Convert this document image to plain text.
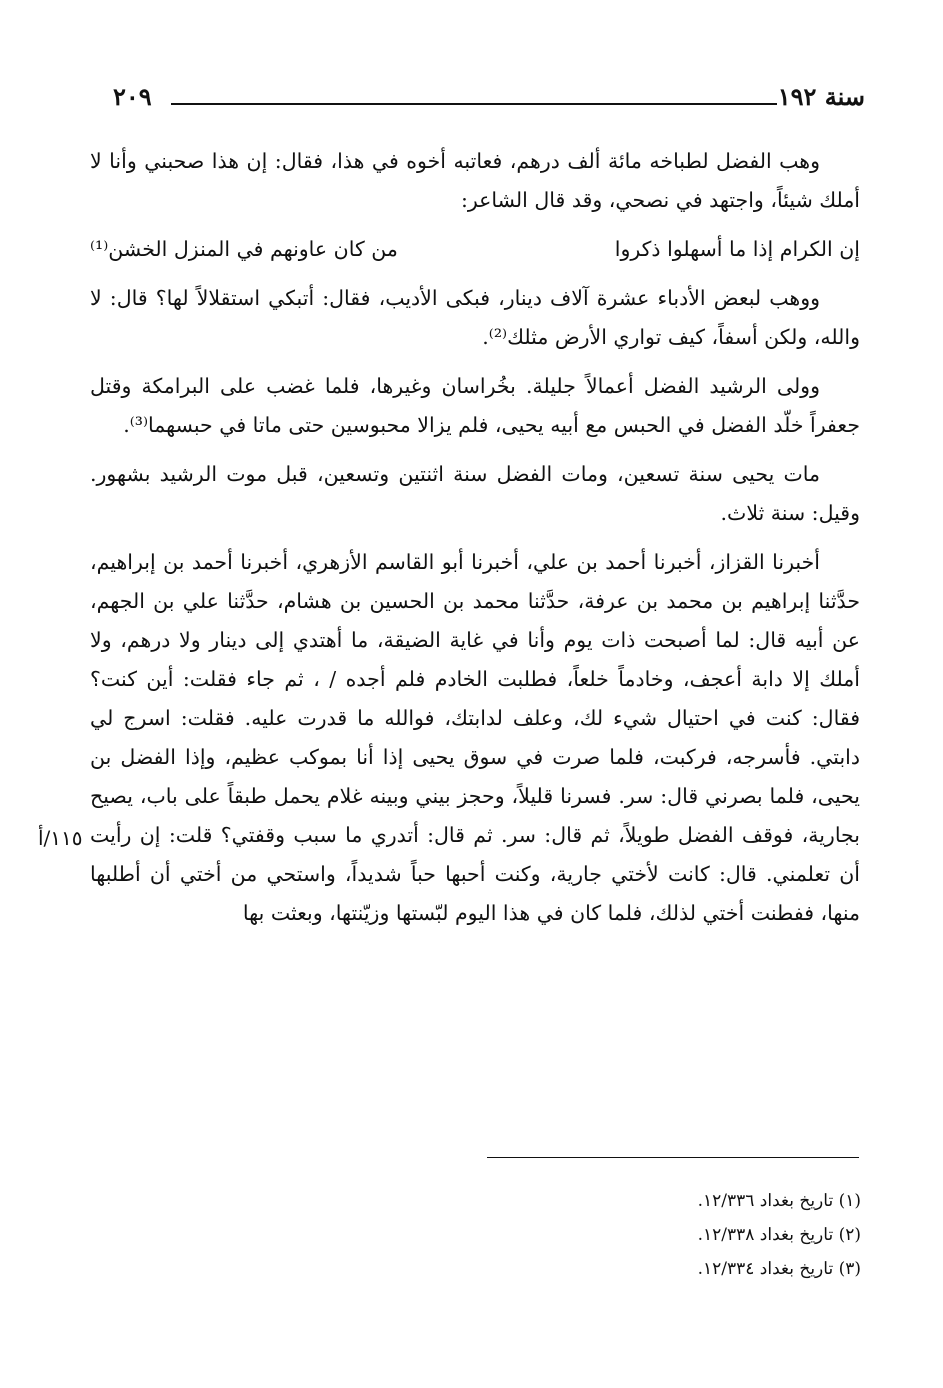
٢٠٩	سنة ١٩٢
١١٥/أ

وهب الفضل لطباخه مائة ألف درهم، فعاتبه أخوه في هذا، فقال: إن هذا صحبني وأنا لا أملك شيئاً، واجتهد في نصحي، وقد قال الشاعر:

إن الكرام إذا ما أسهلوا ذكروا
من كان عاونهم في المنزل الخشن⁽¹⁾

ووهب لبعض الأدباء عشرة آلاف دينار، فبكى الأديب، فقال: أتبكي استقلالاً لها؟ قال: لا والله، ولكن أسفاً، كيف تواري الأرض مثلك⁽²⁾.

وولى الرشيد الفضل أعمالاً جليلة. بخُراسان وغيرها، فلما غضب على البرامكة وقتل جعفراً خلّد الفضل في الحبس مع أبيه يحيى، فلم يزالا محبوسين حتى ماتا في حبسهما⁽³⁾.

مات يحيى سنة تسعين، ومات الفضل سنة اثنتين وتسعين، قبل موت الرشيد بشهور. وقيل: سنة ثلاث.

أخبرنا القزاز، أخبرنا أحمد بن علي، أخبرنا أبو القاسم الأزهري، أخبرنا أحمد بن إبراهيم، حدَّثنا إبراهيم بن محمد بن عرفة، حدَّثنا محمد بن الحسين بن هشام، حدَّثنا علي بن الجهم، عن أبيه قال: لما أصبحت ذات يوم وأنا في غاية الضيقة، ما أهتدي إلى دينار ولا درهم، ولا أملك إلا دابة أعجف، وخادماً خلعاً، فطلبت الخادم فلم أجده / ، ثم جاء فقلت: أين كنت؟ فقال: كنت في احتيال شيء لك، وعلف لدابتك، فوالله ما قدرت عليه. فقلت: اسرج لي دابتي. فأسرجه، فركبت، فلما صرت في سوق يحيى إذا أنا بموكب عظيم، وإذا الفضل بن يحيى، فلما بصرني قال: سر. فسرنا قليلاً، وحجز بيني وبينه غلام يحمل طبقاً على باب، يصيح بجارية، فوقف الفضل طويلاً، ثم قال: سر. ثم قال: أتدري ما سبب وقفتي؟ قلت: إن رأيت أن تعلمني. قال: كانت لأختي جارية، وكنت أحبها حباً شديداً، واستحي من أختي أن أطلبها منها، ففطنت أختي لذلك، فلما كان في هذا اليوم لبّستها وزيّنتها، وبعثت بها

(١) تاريخ بغداد ١٢/٣٣٦.

(٢) تاريخ بغداد ١٢/٣٣٨.

(٣) تاريخ بغداد ١٢/٣٣٤.
